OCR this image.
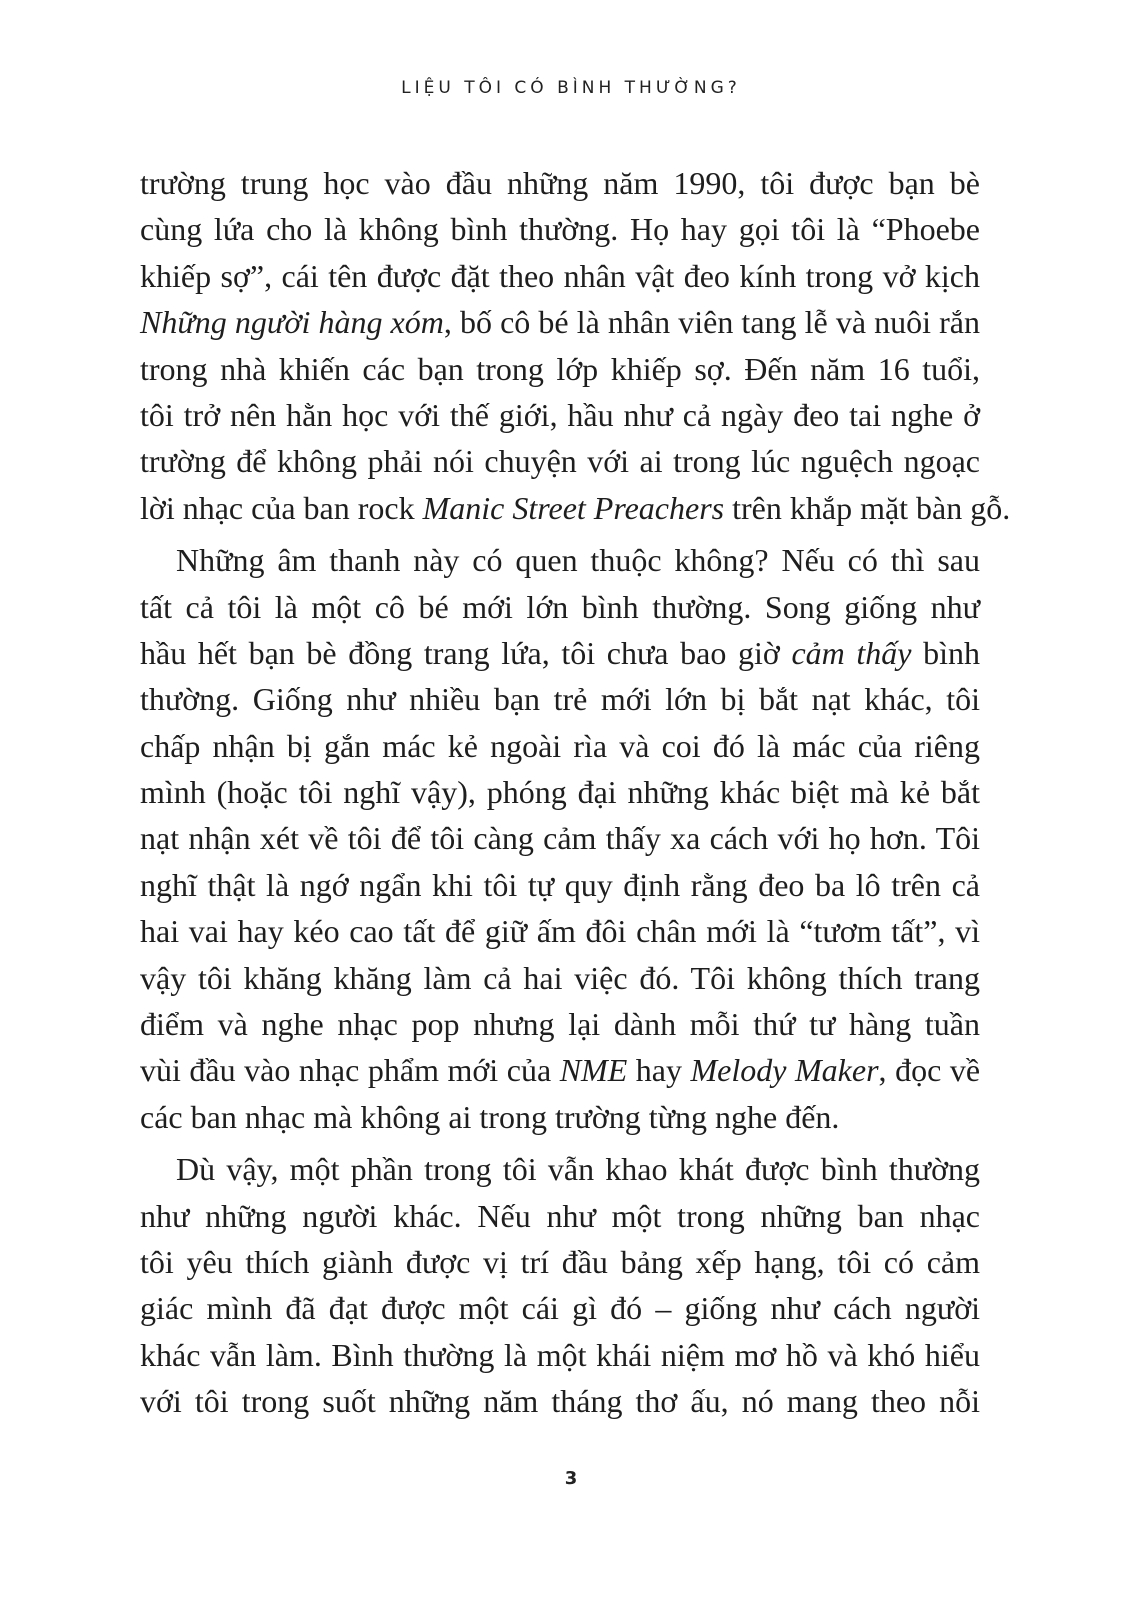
LIỆU TÔI CÓ BÌNH THƯỜNG?
trường trung học vào đầu những năm 1990, tôi được bạn bè
cùng lứa cho là không bình thường. Họ hay gọi tôi là “Phoebe
khiếp sợ”, cái tên được đặt theo nhân vật đeo kính trong vở kịch
Những người hàng xóm, bố cô bé là nhân viên tang lễ và nuôi rắn
trong nhà khiến các bạn trong lớp khiếp sợ. Đến năm 16 tuổi,
tôi trở nên hằn học với thế giới, hầu như cả ngày đeo tai nghe ở
trường để không phải nói chuyện với ai trong lúc nguệch ngoạc
lời nhạc của ban rock Manic Street Preachers trên khắp mặt bàn gỗ.
Những âm thanh này có quen thuộc không? Nếu có thì sau
tất cả tôi là một cô bé mới lớn bình thường. Song giống như
hầu hết bạn bè đồng trang lứa, tôi chưa bao giờ cảm thấy bình
thường. Giống như nhiều bạn trẻ mới lớn bị bắt nạt khác, tôi
chấp nhận bị gắn mác kẻ ngoài rìa và coi đó là mác của riêng
mình (hoặc tôi nghĩ vậy), phóng đại những khác biệt mà kẻ bắt
nạt nhận xét về tôi để tôi càng cảm thấy xa cách với họ hơn. Tôi
nghĩ thật là ngớ ngẩn khi tôi tự quy định rằng đeo ba lô trên cả
hai vai hay kéo cao tất để giữ ấm đôi chân mới là “tươm tất”, vì
vậy tôi khăng khăng làm cả hai việc đó. Tôi không thích trang
điểm và nghe nhạc pop nhưng lại dành mỗi thứ tư hàng tuần
vùi đầu vào nhạc phẩm mới của NME hay Melody Maker, đọc về
các ban nhạc mà không ai trong trường từng nghe đến.
Dù vậy, một phần trong tôi vẫn khao khát được bình thường
như những người khác. Nếu như một trong những ban nhạc
tôi yêu thích giành được vị trí đầu bảng xếp hạng, tôi có cảm
giác mình đã đạt được một cái gì đó – giống như cách người
khác vẫn làm. Bình thường là một khái niệm mơ hồ và khó hiểu
với tôi trong suốt những năm tháng thơ ấu, nó mang theo nỗi
3
